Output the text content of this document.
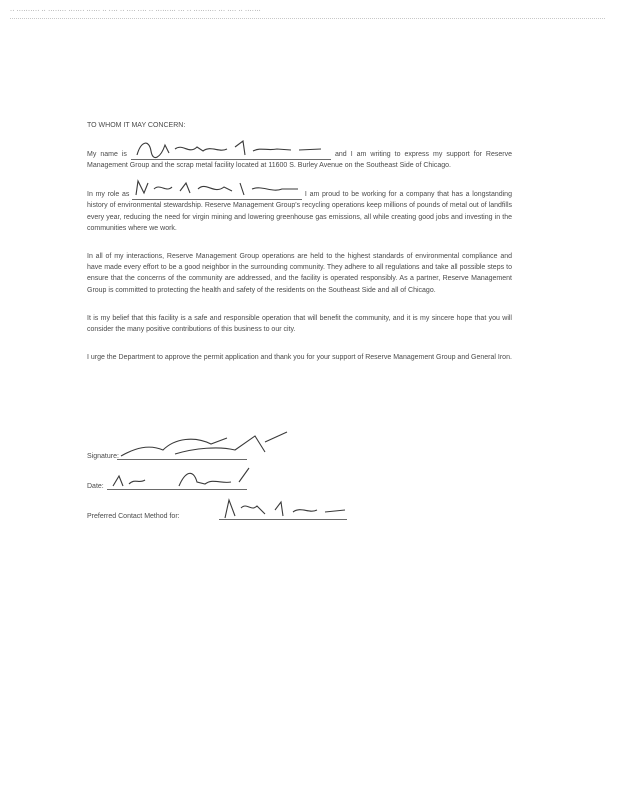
·· ·········· ·· ········ ······· ······ ·· ···· ·· ···· ···· ·· ········· ··· ·· ·········· ··· ···· ·· ·······
TO WHOM IT MAY CONCERN:
My name is	and I am writing to express my support for Reserve Management Group and the scrap metal facility located at 11600 S. Burley Avenue on the Southeast Side of Chicago.
In my role as	I am proud to be working for a company that has a longstanding history of environmental stewardship. Reserve Management Group's recycling operations keep millions of pounds of metal out of landfills every year, reducing the need for virgin mining and lowering greenhouse gas emissions, all while creating good jobs and investing in the communities where we work.
In all of my interactions, Reserve Management Group operations are held to the highest standards of environmental compliance and have made every effort to be a good neighbor in the surrounding community. They adhere to all regulations and take all possible steps to ensure that the concerns of the community are addressed, and the facility is operated responsibly. As a partner, Reserve Management Group is committed to protecting the health and safety of the residents on the Southeast Side and all of Chicago.
It is my belief that this facility is a safe and responsible operation that will benefit the community, and it is my sincere hope that you will consider the many positive contributions of this business to our city.
I urge the Department to approve the permit application and thank you for your support of Reserve Management Group and General Iron.
Signature:
Date:
Preferred Contact Method for:
